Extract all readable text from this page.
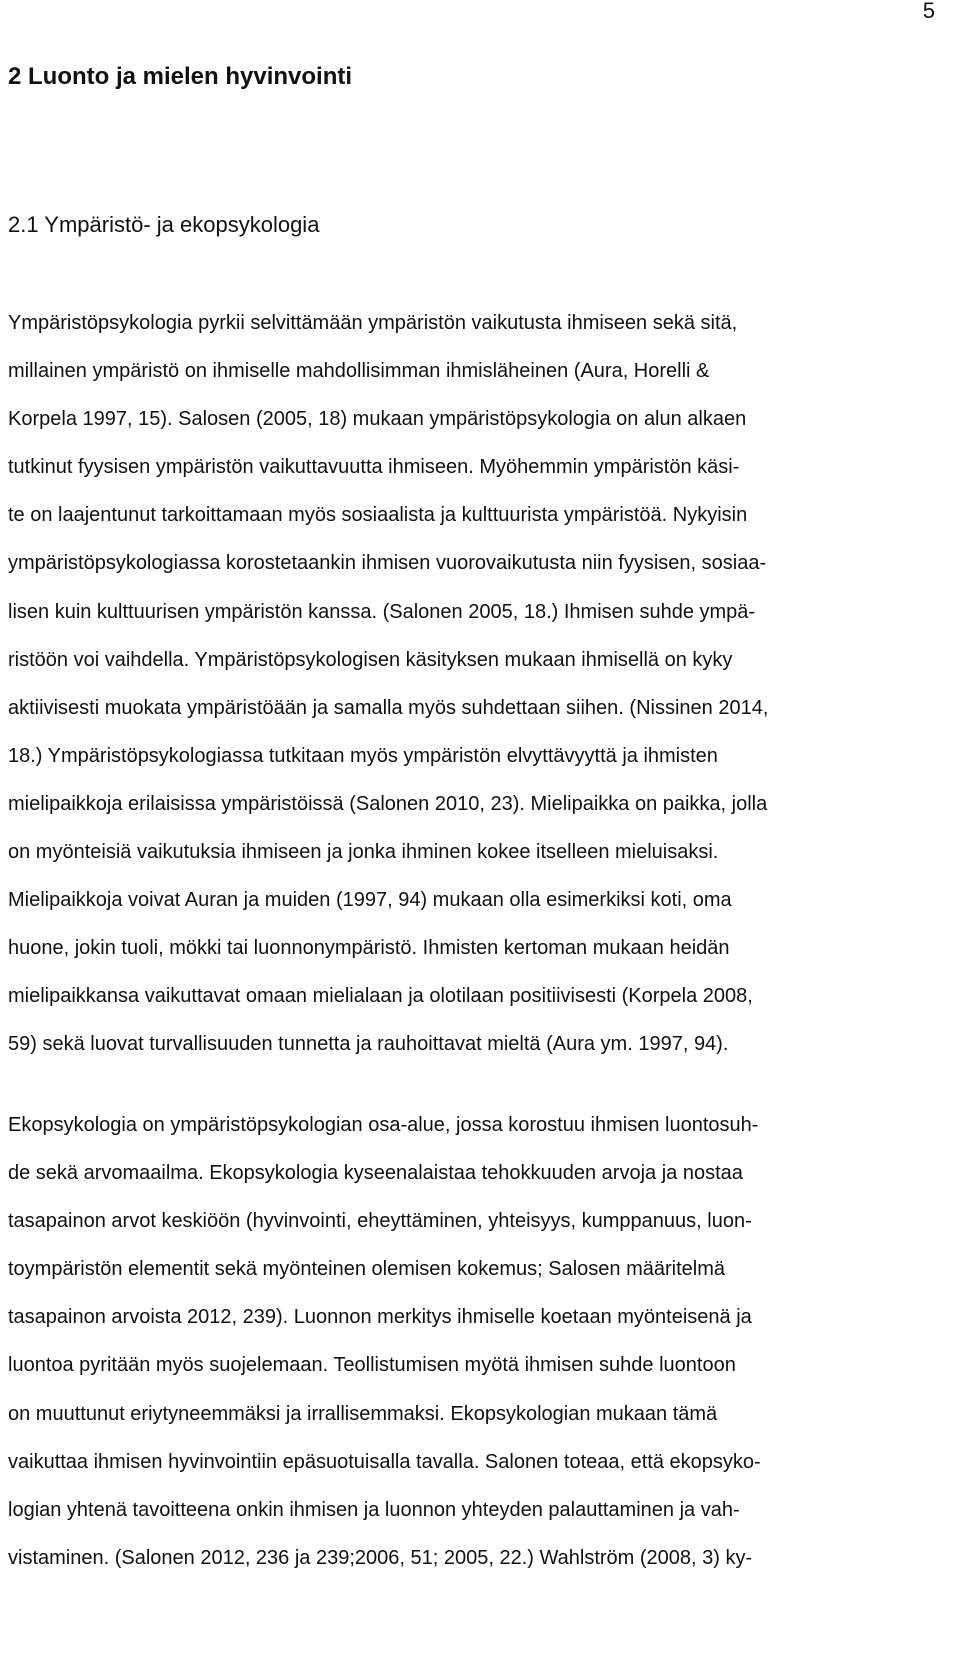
5
2 Luonto ja mielen hyvinvointi
2.1 Ympäristö- ja ekopsykologia
Ympäristöpsykologia pyrkii selvittämään ympäristön vaikutusta ihmiseen sekä sitä,
millainen ympäristö on ihmiselle mahdollisimman ihmisläheinen (Aura, Horelli &
Korpela 1997, 15). Salosen (2005, 18) mukaan ympäristöpsykologia on alun alkaen
tutkinut fyysisen ympäristön vaikuttavuutta ihmiseen. Myöhemmin ympäristön käsi-
te on laajentunut tarkoittamaan myös sosiaalista ja kulttuurista ympäristöä. Nykyisin
ympäristöpsykologiassa korostetaankin ihmisen vuorovaikutusta niin fyysisen, sosiaa-
lisen kuin kulttuurisen ympäristön kanssa. (Salonen 2005, 18.) Ihmisen suhde ympä-
ristöön voi vaihdella. Ympäristöpsykologisen käsityksen mukaan ihmisellä on kyky
aktiivisesti muokata ympäristöään ja samalla myös suhdettaan siihen. (Nissinen 2014,
18.) Ympäristöpsykologiassa tutkitaan myös ympäristön elvyttävyyttä ja ihmisten
mielipaikkoja erilaisissa ympäristöissä (Salonen 2010, 23). Mielipaikka on paikka, jolla
on myönteisiä vaikutuksia ihmiseen ja jonka ihminen kokee itselleen mieluisaksi.
Mielipaikkoja voivat Auran ja muiden (1997, 94) mukaan olla esimerkiksi koti, oma
huone, jokin tuoli, mökki tai luonnonympäristö. Ihmisten kertoman mukaan heidän
mielipaikkansa vaikuttavat omaan mielialaan ja olotilaan positiivisesti (Korpela 2008,
59) sekä luovat turvallisuuden tunnetta ja rauhoittavat mieltä (Aura ym. 1997, 94).
Ekopsykologia on ympäristöpsykologian osa-alue, jossa korostuu ihmisen luontosuh-
de sekä arvomaailma. Ekopsykologia kyseenalaistaa tehokkuuden arvoja ja nostaa
tasapainon arvot keskiöön (hyvinvointi, eheyttäminen, yhteisyys, kumppanuus, luon-
toympäristön elementit sekä myönteinen olemisen kokemus; Salosen määritelmä
tasapainon arvoista 2012, 239). Luonnon merkitys ihmiselle koetaan myönteisenä ja
luontoa pyritään myös suojelemaan. Teollistumisen myötä ihmisen suhde luontoon
on muuttunut eriytyneemmäksi ja irrallisemmaksi. Ekopsykologian mukaan tämä
vaikuttaa ihmisen hyvinvointiin epäsuotuisalla tavalla. Salonen toteaa, että ekopsyko-
logian yhtenä tavoitteena onkin ihmisen ja luonnon yhteyden palauttaminen ja vah-
vistaminen. (Salonen 2012, 236 ja 239;2006, 51; 2005, 22.) Wahlström (2008, 3) ky-
